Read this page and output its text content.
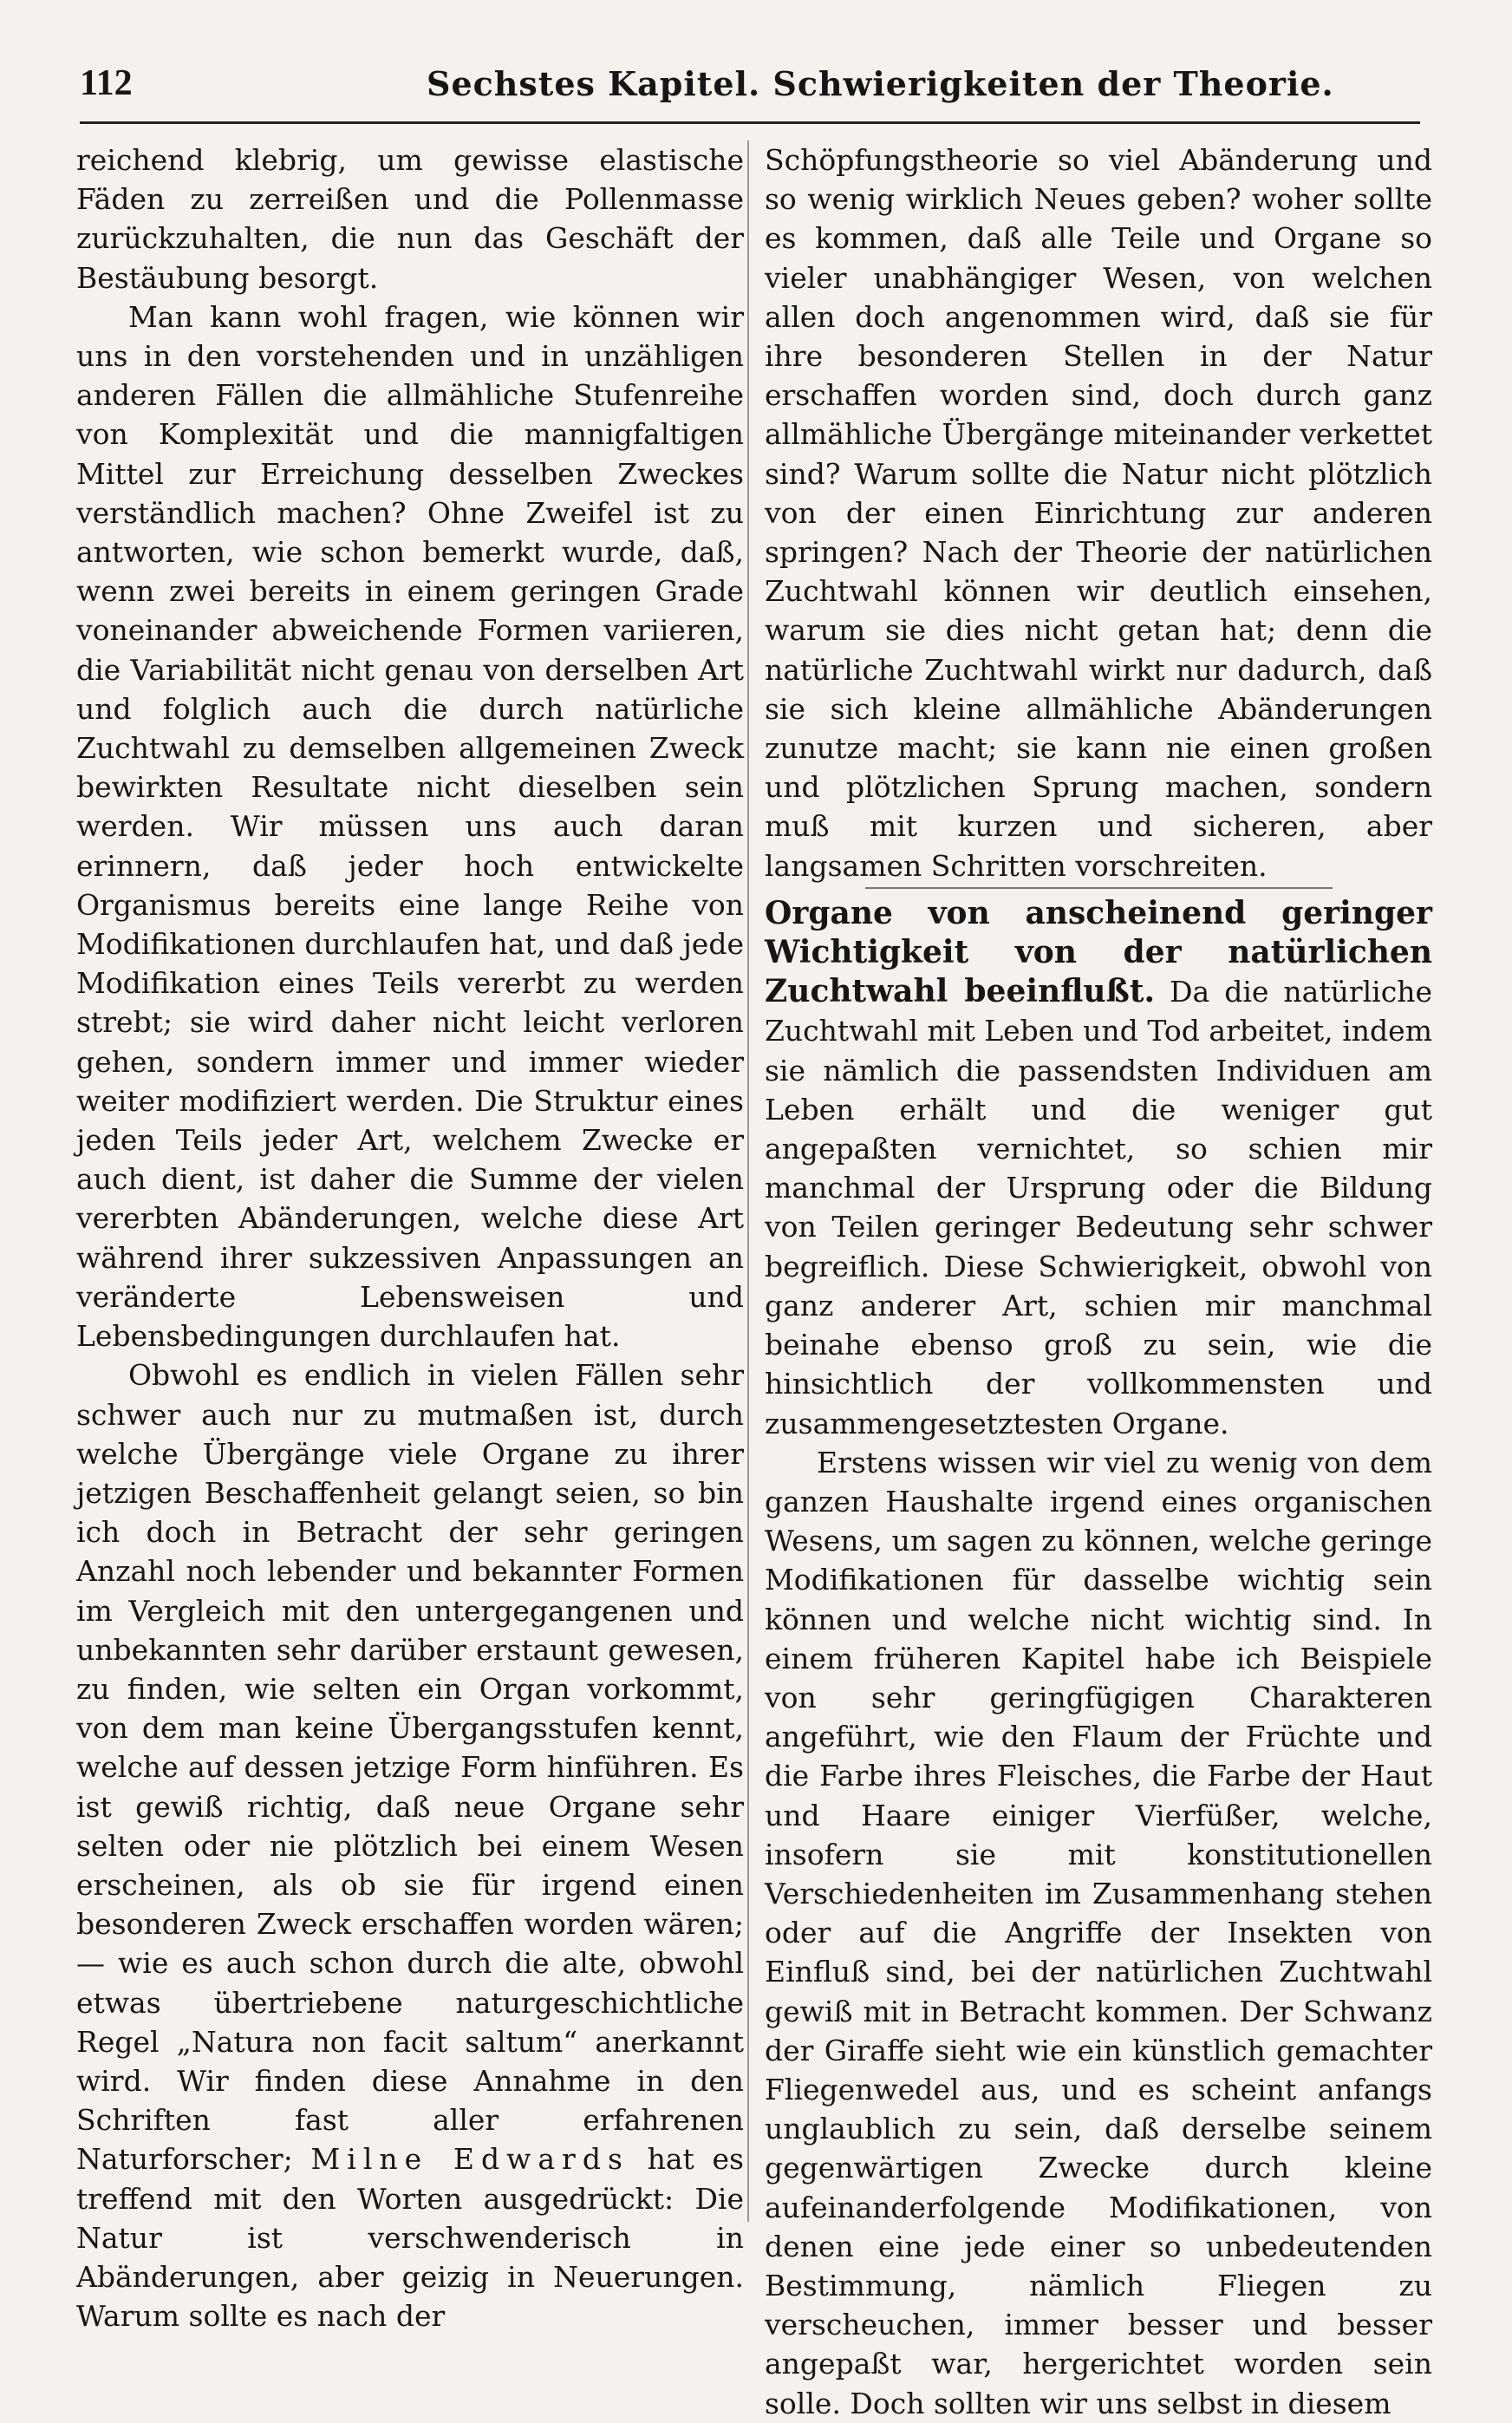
112	Sechstes Kapitel. Schwierigkeiten der Theorie.

reichend klebrig, um gewisse elastische Fäden zu zerreißen und die Pollenmasse zurückzuhalten, die nun das Geschäft der Bestäubung besorgt.

Man kann wohl fragen, wie können wir uns in den vorstehenden und in unzähligen anderen Fällen die allmähliche Stufenreihe von Komplexität und die mannigfaltigen Mittel zur Erreichung desselben Zweckes verständlich machen? Ohne Zweifel ist zu antworten, wie schon bemerkt wurde, daß, wenn zwei bereits in einem geringen Grade voneinander abweichende Formen variieren, die Variabilität nicht genau von derselben Art und folglich auch die durch natürliche Zuchtwahl zu demselben allgemeinen Zweck bewirkten Resultate nicht dieselben sein werden. Wir müssen uns auch daran erinnern, daß jeder hoch entwickelte Organismus bereits eine lange Reihe von Modifikationen durchlaufen hat, und daß jede Modifikation eines Teils vererbt zu werden strebt; sie wird daher nicht leicht verloren gehen, sondern immer und immer wieder weiter modifiziert werden. Die Struktur eines jeden Teils jeder Art, welchem Zwecke er auch dient, ist daher die Summe der vielen vererbten Abänderungen, welche diese Art während ihrer sukzessiven Anpassungen an veränderte Lebensweisen und Lebensbedingungen durchlaufen hat.

Obwohl es endlich in vielen Fällen sehr schwer auch nur zu mutmaßen ist, durch welche Übergänge viele Organe zu ihrer jetzigen Beschaffenheit gelangt seien, so bin ich doch in Betracht der sehr geringen Anzahl noch lebender und bekannter Formen im Vergleich mit den untergegangenen und unbekannten sehr darüber erstaunt gewesen, zu finden, wie selten ein Organ vorkommt, von dem man keine Übergangsstufen kennt, welche auf dessen jetzige Form hinführen. Es ist gewiß richtig, daß neue Organe sehr selten oder nie plötzlich bei einem Wesen erscheinen, als ob sie für irgend einen besonderen Zweck erschaffen worden wären; — wie es auch schon durch die alte, obwohl etwas übertriebene naturgeschichtliche Regel „Natura non facit saltum“ anerkannt wird. Wir finden diese Annahme in den Schriften fast aller erfahrenen Naturforscher; Milne Edwards hat es treffend mit den Worten ausgedrückt: Die Natur ist verschwenderisch in Abänderungen, aber geizig in Neuerungen. Warum sollte es nach der

Schöpfungstheorie so viel Abänderung und so wenig wirklich Neues geben? woher sollte es kommen, daß alle Teile und Organe so vieler unabhängiger Wesen, von welchen allen doch angenommen wird, daß sie für ihre besonderen Stellen in der Natur erschaffen worden sind, doch durch ganz allmähliche Übergänge miteinander verkettet sind? Warum sollte die Natur nicht plötzlich von der einen Einrichtung zur anderen springen? Nach der Theorie der natürlichen Zuchtwahl können wir deutlich einsehen, warum sie dies nicht getan hat; denn die natürliche Zuchtwahl wirkt nur dadurch, daß sie sich kleine allmähliche Abänderungen zunutze macht; sie kann nie einen großen und plötzlichen Sprung machen, sondern muß mit kurzen und sicheren, aber langsamen Schritten vorschreiten.

Organe von anscheinend geringer Wichtigkeit von der natürlichen Zuchtwahl beeinflußt. Da die natürliche Zuchtwahl mit Leben und Tod arbeitet, indem sie nämlich die passendsten Individuen am Leben erhält und die weniger gut angepaßten vernichtet, so schien mir manchmal der Ursprung oder die Bildung von Teilen geringer Bedeutung sehr schwer begreiflich. Diese Schwierigkeit, obwohl von ganz anderer Art, schien mir manchmal beinahe ebenso groß zu sein, wie die hinsichtlich der vollkommensten und zusammengesetztesten Organe.

Erstens wissen wir viel zu wenig von dem ganzen Haushalte irgend eines organischen Wesens, um sagen zu können, welche geringe Modifikationen für dasselbe wichtig sein können und welche nicht wichtig sind. In einem früheren Kapitel habe ich Beispiele von sehr geringfügigen Charakteren angeführt, wie den Flaum der Früchte und die Farbe ihres Fleisches, die Farbe der Haut und Haare einiger Vierfüßer, welche, insofern sie mit konstitutionellen Verschiedenheiten im Zusammenhang stehen oder auf die Angriffe der Insekten von Einfluß sind, bei der natürlichen Zuchtwahl gewiß mit in Betracht kommen. Der Schwanz der Giraffe sieht wie ein künstlich gemachter Fliegenwedel aus, und es scheint anfangs unglaublich zu sein, daß derselbe seinem gegenwärtigen Zwecke durch kleine aufeinanderfolgende Modifikationen, von denen eine jede einer so unbedeutenden Bestimmung, nämlich Fliegen zu verscheuchen, immer besser und besser angepaßt war, hergerichtet worden sein solle. Doch sollten wir uns selbst in diesem
